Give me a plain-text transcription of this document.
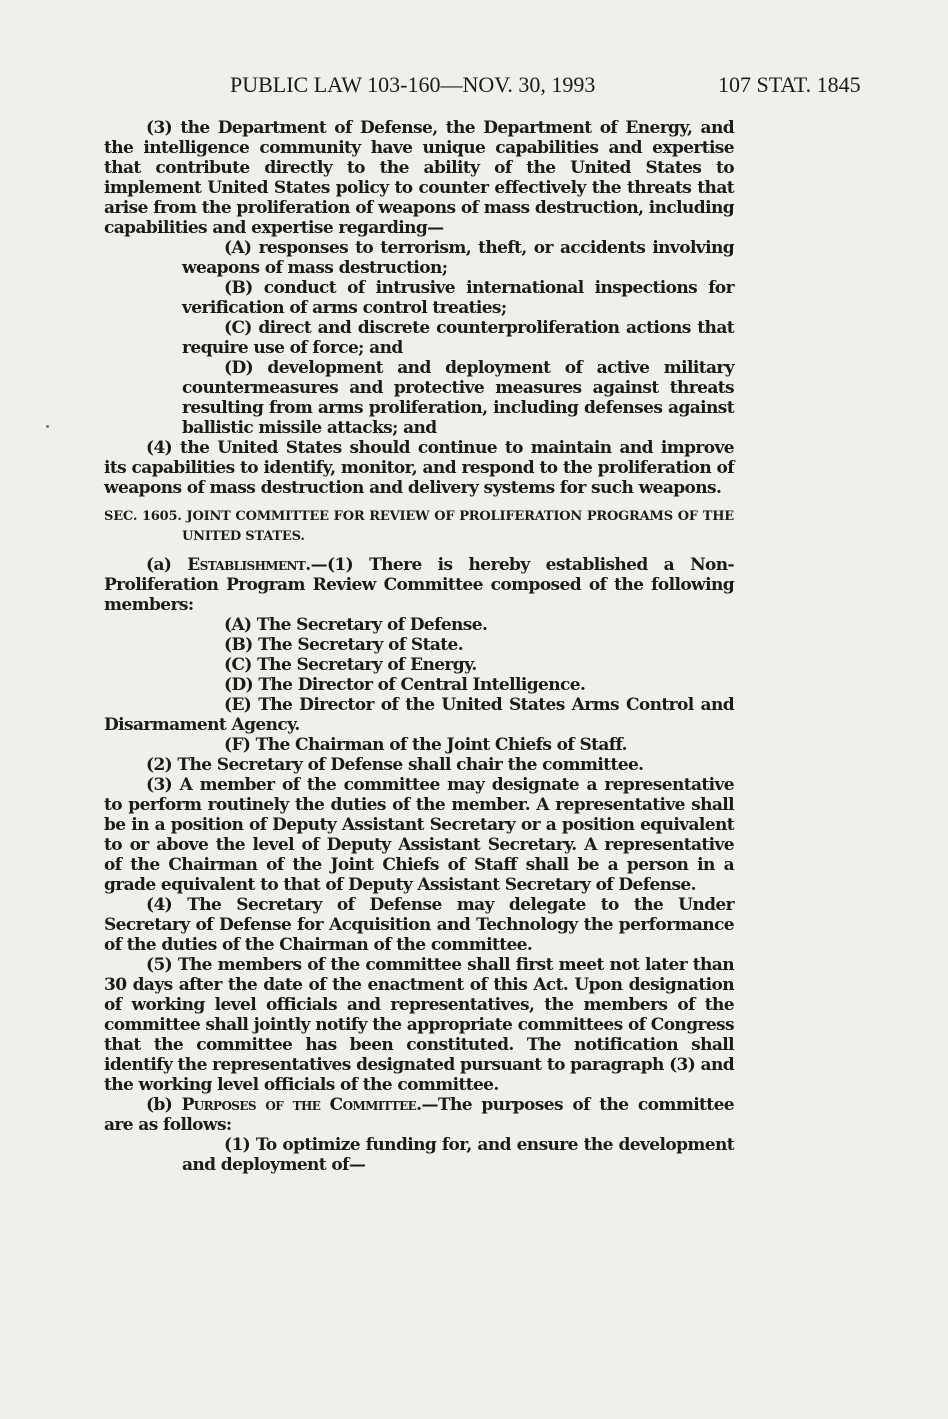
PUBLIC LAW 103-160—NOV. 30, 1993	107 STAT. 1845

(3) the Department of Defense, the Department of Energy, and the intelligence community have unique capabilities and expertise that contribute directly to the ability of the United States to implement United States policy to counter effectively the threats that arise from the proliferation of weapons of mass destruction, including capabilities and expertise regarding—

(A) responses to terrorism, theft, or accidents involving weapons of mass destruction;

(B) conduct of intrusive international inspections for verification of arms control treaties;

(C) direct and discrete counterproliferation actions that require use of force; and

(D) development and deployment of active military countermeasures and protective measures against threats resulting from arms proliferation, including defenses against ballistic missile attacks; and

(4) the United States should continue to maintain and improve its capabilities to identify, monitor, and respond to the proliferation of weapons of mass destruction and delivery systems for such weapons.

SEC. 1605. JOINT COMMITTEE FOR REVIEW OF PROLIFERATION PROGRAMS OF THE UNITED STATES.

(a) Establishment.—(1) There is hereby established a Non-Proliferation Program Review Committee composed of the following members:

(A) The Secretary of Defense.

(B) The Secretary of State.

(C) The Secretary of Energy.

(D) The Director of Central Intelligence.

(E) The Director of the United States Arms Control and Disarmament Agency.

(F) The Chairman of the Joint Chiefs of Staff.

(2) The Secretary of Defense shall chair the committee.

(3) A member of the committee may designate a representative to perform routinely the duties of the member. A representative shall be in a position of Deputy Assistant Secretary or a position equivalent to or above the level of Deputy Assistant Secretary. A representative of the Chairman of the Joint Chiefs of Staff shall be a person in a grade equivalent to that of Deputy Assistant Secretary of Defense.

(4) The Secretary of Defense may delegate to the Under Secretary of Defense for Acquisition and Technology the performance of the duties of the Chairman of the committee.

(5) The members of the committee shall first meet not later than 30 days after the date of the enactment of this Act. Upon designation of working level officials and representatives, the members of the committee shall jointly notify the appropriate committees of Congress that the committee has been constituted. The notification shall identify the representatives designated pursuant to paragraph (3) and the working level officials of the committee.

(b) Purposes of the Committee.—The purposes of the committee are as follows:

(1) To optimize funding for, and ensure the development and deployment of—
